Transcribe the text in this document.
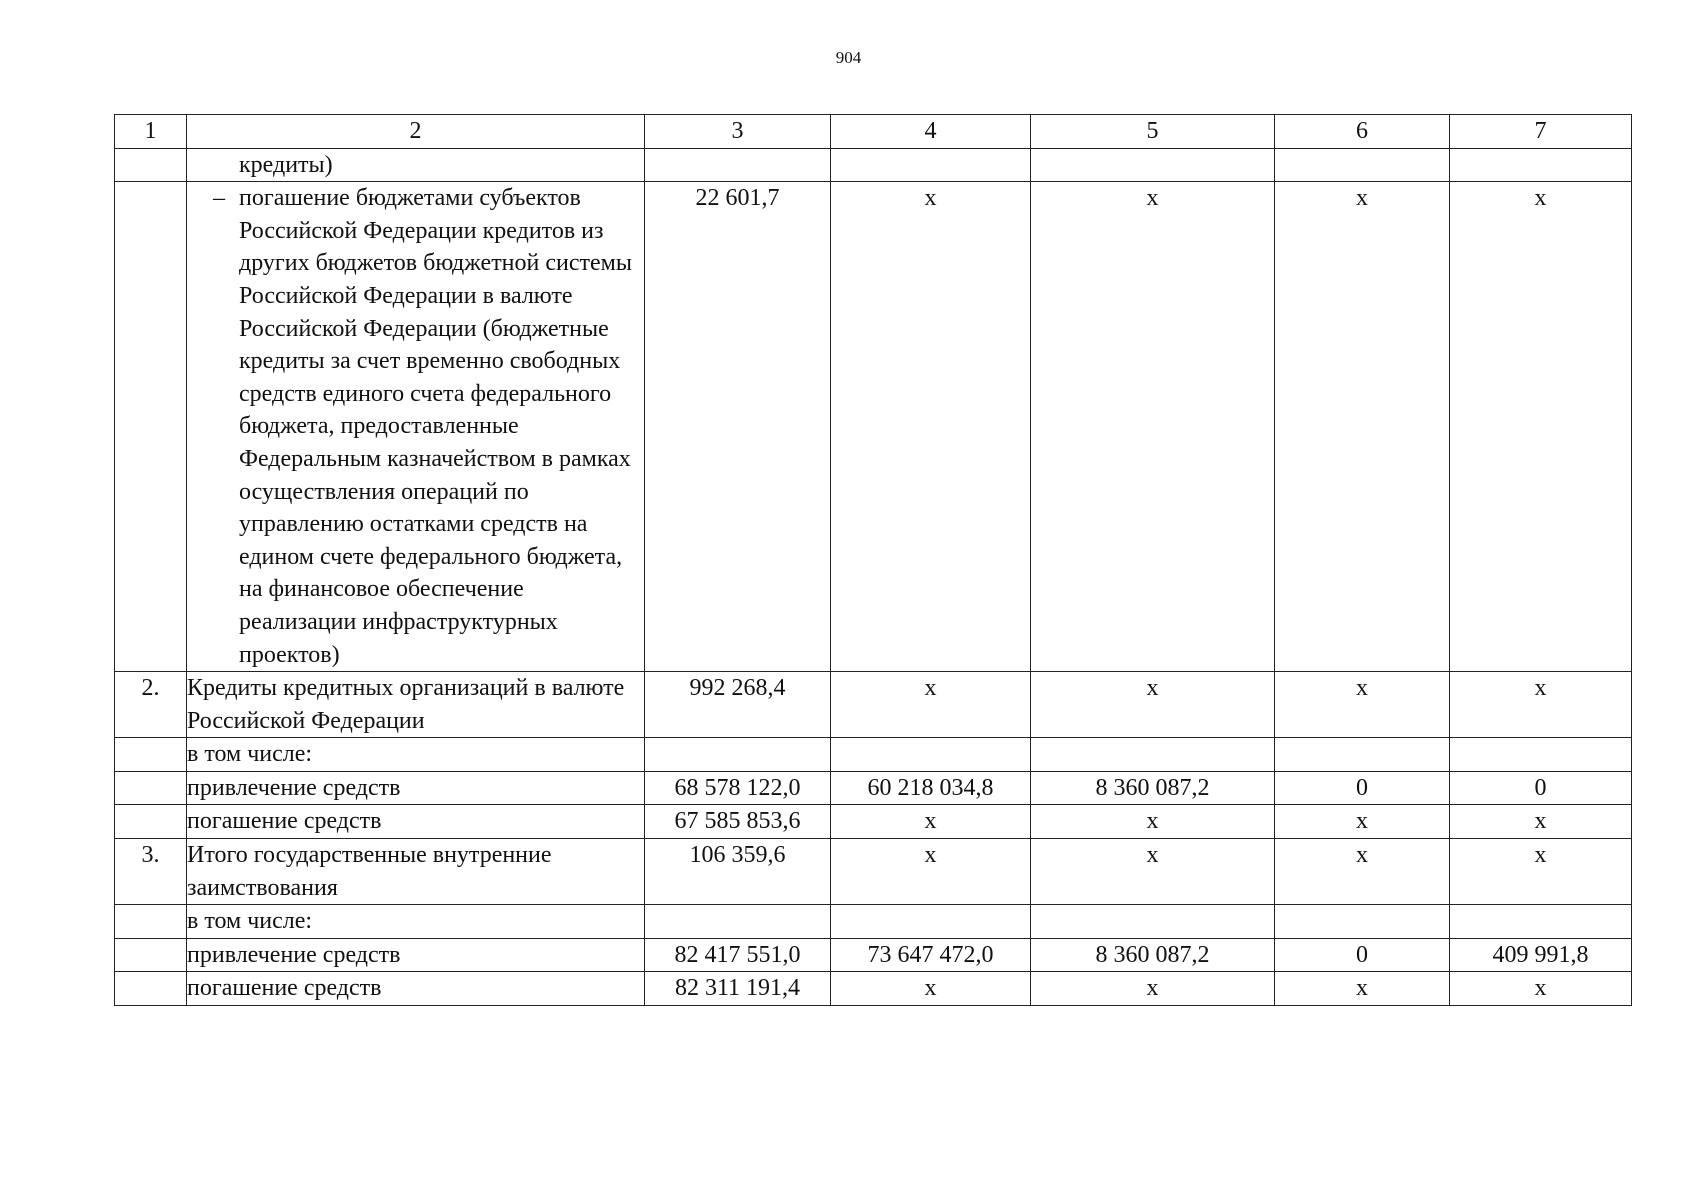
904
1	2	3	4	5	6	7
	кредиты)					
	– погашение бюджетами субъектов Российской Федерации кредитов из других бюджетов бюджетной системы Российской Федерации в валюте Российской Федерации (бюджетные кредиты за счет временно свободных средств единого счета федерального бюджета, предоставленные Федеральным казначейством в рамках осуществления операций по управлению остатками средств на едином счете федерального бюджета, на финансовое обеспечение реализации инфраструктурных проектов)	22 601,7	х	х	х	х
2.	Кредиты кредитных организаций в валюте Российской Федерации	992 268,4	х	х	х	х
	в том числе:					
	привлечение средств	68 578 122,0	60 218 034,8	8 360 087,2	0	0
	погашение средств	67 585 853,6	х	х	х	х
3.	Итого государственные внутренние заимствования	106 359,6	х	х	х	х
	в том числе:					
	привлечение средств	82 417 551,0	73 647 472,0	8 360 087,2	0	409 991,8
	погашение средств	82 311 191,4	х	х	х	х
